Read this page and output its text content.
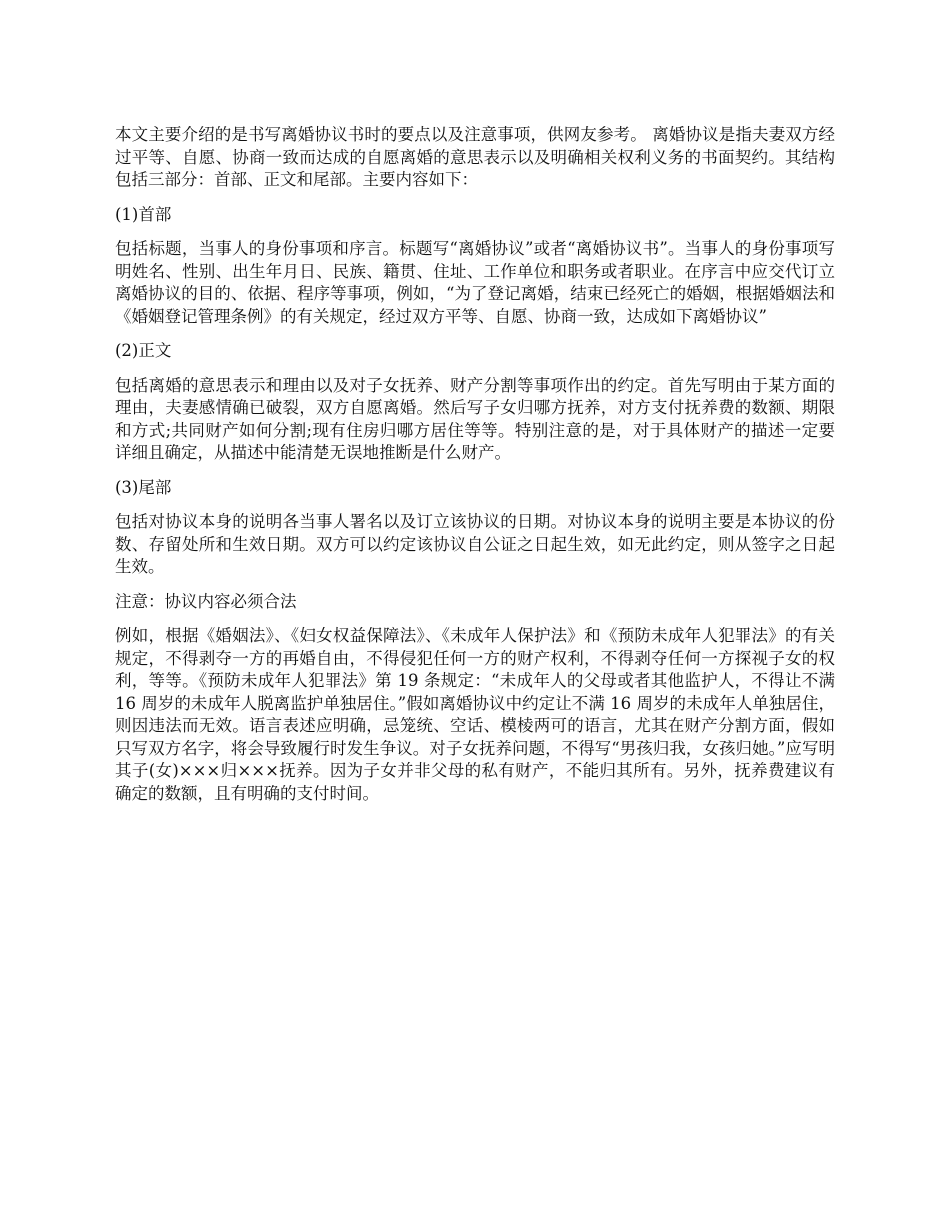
本文主要介绍的是书写离婚协议书时的要点以及注意事项，供网友参考。 离婚协议是指夫妻双方经过平等、自愿、协商一致而达成的自愿离婚的意思表示以及明确相关权利义务的书面契约。其结构包括三部分：首部、正文和尾部。主要内容如下：

(1)首部

包括标题，当事人的身份事项和序言。标题写“离婚协议”或者“离婚协议书”。当事人的身份事项写明姓名、性别、出生年月日、民族、籍贯、住址、工作单位和职务或者职业。在序言中应交代订立离婚协议的目的、依据、程序等事项，例如，“为了登记离婚，结束已经死亡的婚姻，根据婚姻法和《婚姻登记管理条例》的有关规定，经过双方平等、自愿、协商一致，达成如下离婚协议”

(2)正文

包括离婚的意思表示和理由以及对子女抚养、财产分割等事项作出的约定。首先写明由于某方面的理由，夫妻感情确已破裂，双方自愿离婚。然后写子女归哪方抚养，对方支付抚养费的数额、期限和方式;共同财产如何分割;现有住房归哪方居住等等。特别注意的是，对于具体财产的描述一定要详细且确定，从描述中能清楚无误地推断是什么财产。

(3)尾部

包括对协议本身的说明各当事人署名以及订立该协议的日期。对协议本身的说明主要是本协议的份数、存留处所和生效日期。双方可以约定该协议自公证之日起生效，如无此约定，则从签字之日起生效。

注意：协议内容必须合法

例如，根据《婚姻法》、《妇女权益保障法》、《未成年人保护法》和《预防未成年人犯罪法》的有关规定，不得剥夺一方的再婚自由，不得侵犯任何一方的财产权利，不得剥夺任何一方探视子女的权利，等等。《预防未成年人犯罪法》第 19 条规定：“未成年人的父母或者其他监护人，不得让不满 16 周岁的未成年人脱离监护单独居住。”假如离婚协议中约定让不满 16 周岁的未成年人单独居住，则因违法而无效。语言表述应明确，忌笼统、空话、模棱两可的语言，尤其在财产分割方面，假如只写双方名字，将会导致履行时发生争议。对子女抚养问题，不得写“男孩归我，女孩归她。”应写明其子(女)×××归×××抚养。因为子女并非父母的私有财产，不能归其所有。另外，抚养费建议有确定的数额，且有明确的支付时间。
